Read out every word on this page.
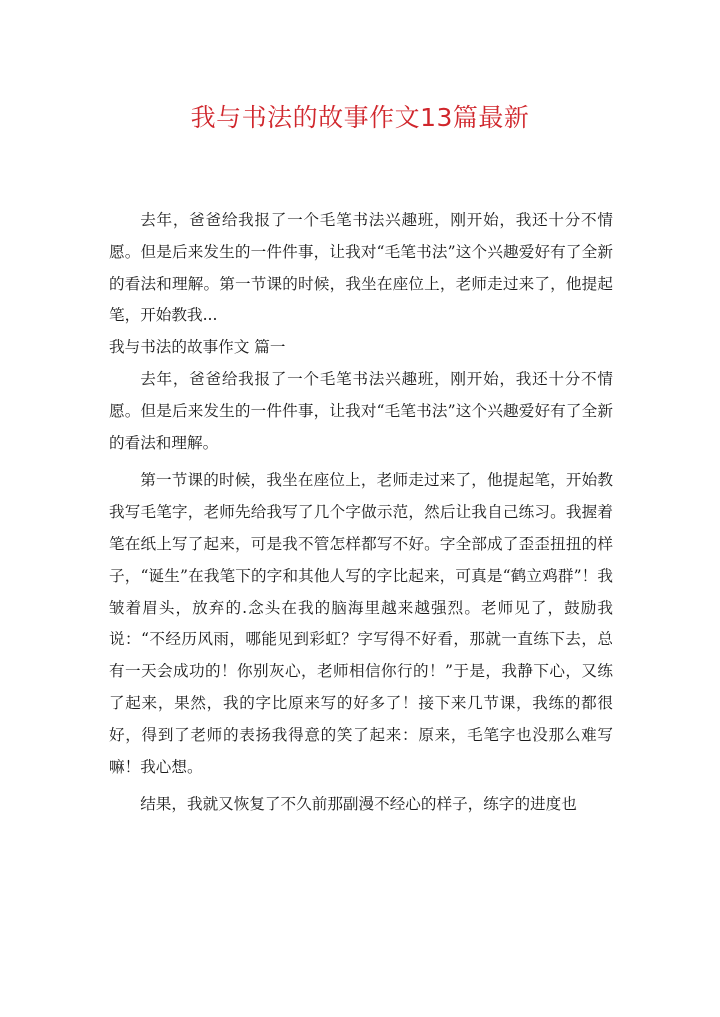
我与书法的故事作文13篇最新

去年，爸爸给我报了一个毛笔书法兴趣班，刚开始，我还十分不情愿。但是后来发生的一件件事，让我对“毛笔书法”这个兴趣爱好有了全新的看法和理解。第一节课的时候，我坐在座位上，老师走过来了，他提起笔，开始教我...

我与书法的故事作文 篇一

去年，爸爸给我报了一个毛笔书法兴趣班，刚开始，我还十分不情愿。但是后来发生的一件件事，让我对“毛笔书法”这个兴趣爱好有了全新的看法和理解。

第一节课的时候，我坐在座位上，老师走过来了，他提起笔，开始教我写毛笔字，老师先给我写了几个字做示范，然后让我自己练习。我握着笔在纸上写了起来，可是我不管怎样都写不好。字全部成了歪歪扭扭的样子，“诞生”在我笔下的字和其他人写的字比起来，可真是“鹤立鸡群”！我皱着眉头，放弃的.念头在我的脑海里越来越强烈。老师见了，鼓励我说：“不经历风雨，哪能见到彩虹？字写得不好看，那就一直练下去，总有一天会成功的！你别灰心，老师相信你行的！”于是，我静下心，又练了起来，果然，我的字比原来写的好多了！接下来几节课，我练的都很好，得到了老师的表扬我得意的笑了起来：原来，毛笔字也没那么难写嘛！我心想。

结果，我就又恢复了不久前那副漫不经心的样子，练字的进度也
